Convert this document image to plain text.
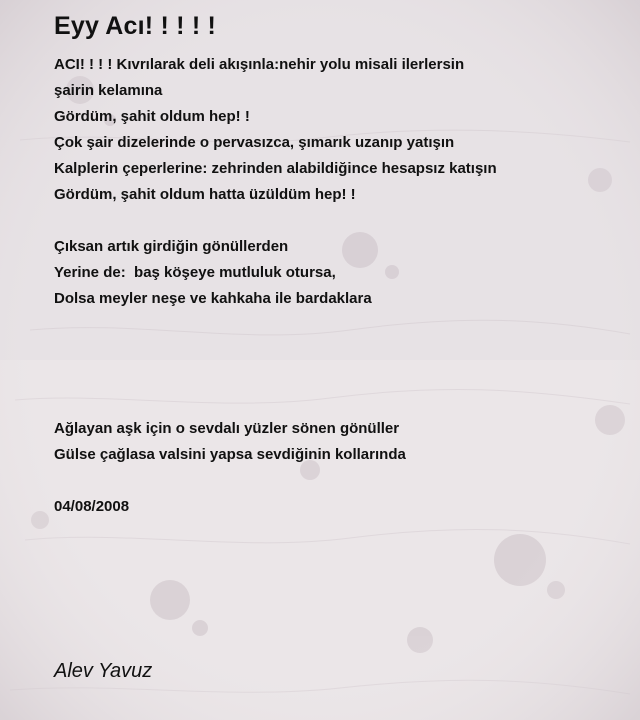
Eyy Acı! ! ! ! !
ACI! ! ! ! Kıvrılarak deli akışınla:nehir yolu misali ilerlersin
şairin kelamına
Gördüm, şahit oldum hep! !
Çok şair dizelerinde o pervasızca, şımarık uzanıp yatışın
Kalplerin çeperlerine: zehrinden alabildiğince hesapsız katışın
Gördüm, şahit oldum hatta üzüldüm hep! !
Çıksan artık girdiğin gönüllerden
Yerine de:  baş köşeye mutluluk otursa,
Dolsa meyler neşe ve kahkaha ile bardaklara
Ağlayan aşk için o sevdalı yüzler sönen gönüller
Gülse çağlasa valsini yapsa sevdiğinin kollarında
04/08/2008
Alev Yavuz
